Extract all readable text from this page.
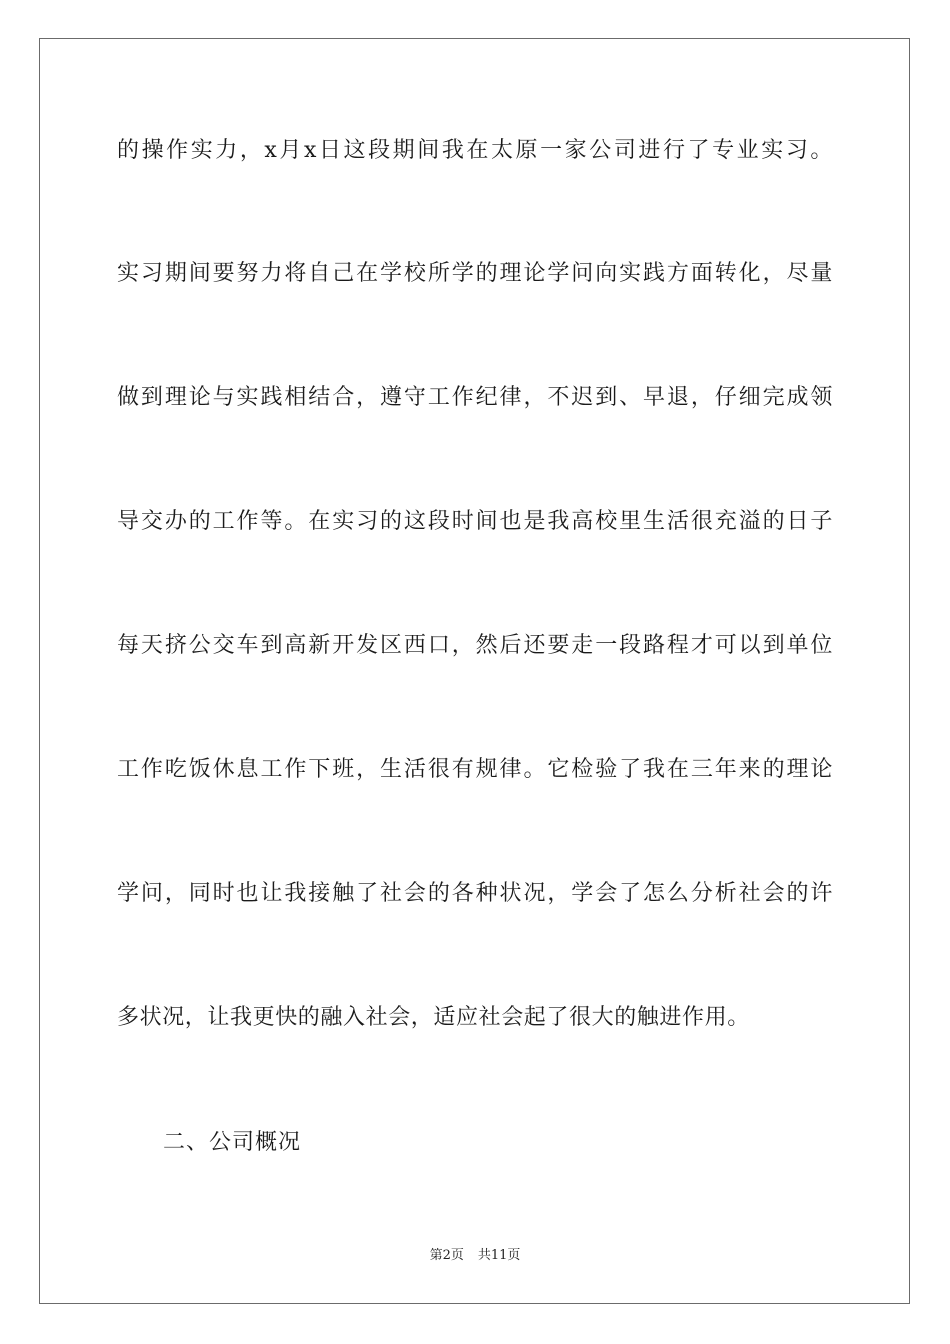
的操作实力，x月x日这段期间我在太原一家公司进行了专业实习。
实习期间要努力将自己在学校所学的理论学问向实践方面转化，尽量
做到理论与实践相结合，遵守工作纪律，不迟到、早退，仔细完成领
导交办的工作等。在实习的这段时间也是我高校里生活很充溢的日子
每天挤公交车到高新开发区西口，然后还要走一段路程才可以到单位
工作吃饭休息工作下班，生活很有规律。它检验了我在三年来的理论
学问，同时也让我接触了社会的各种状况，学会了怎么分析社会的许
多状况，让我更快的融入社会，适应社会起了很大的触进作用。
二、公司概况
第2页 共11页
